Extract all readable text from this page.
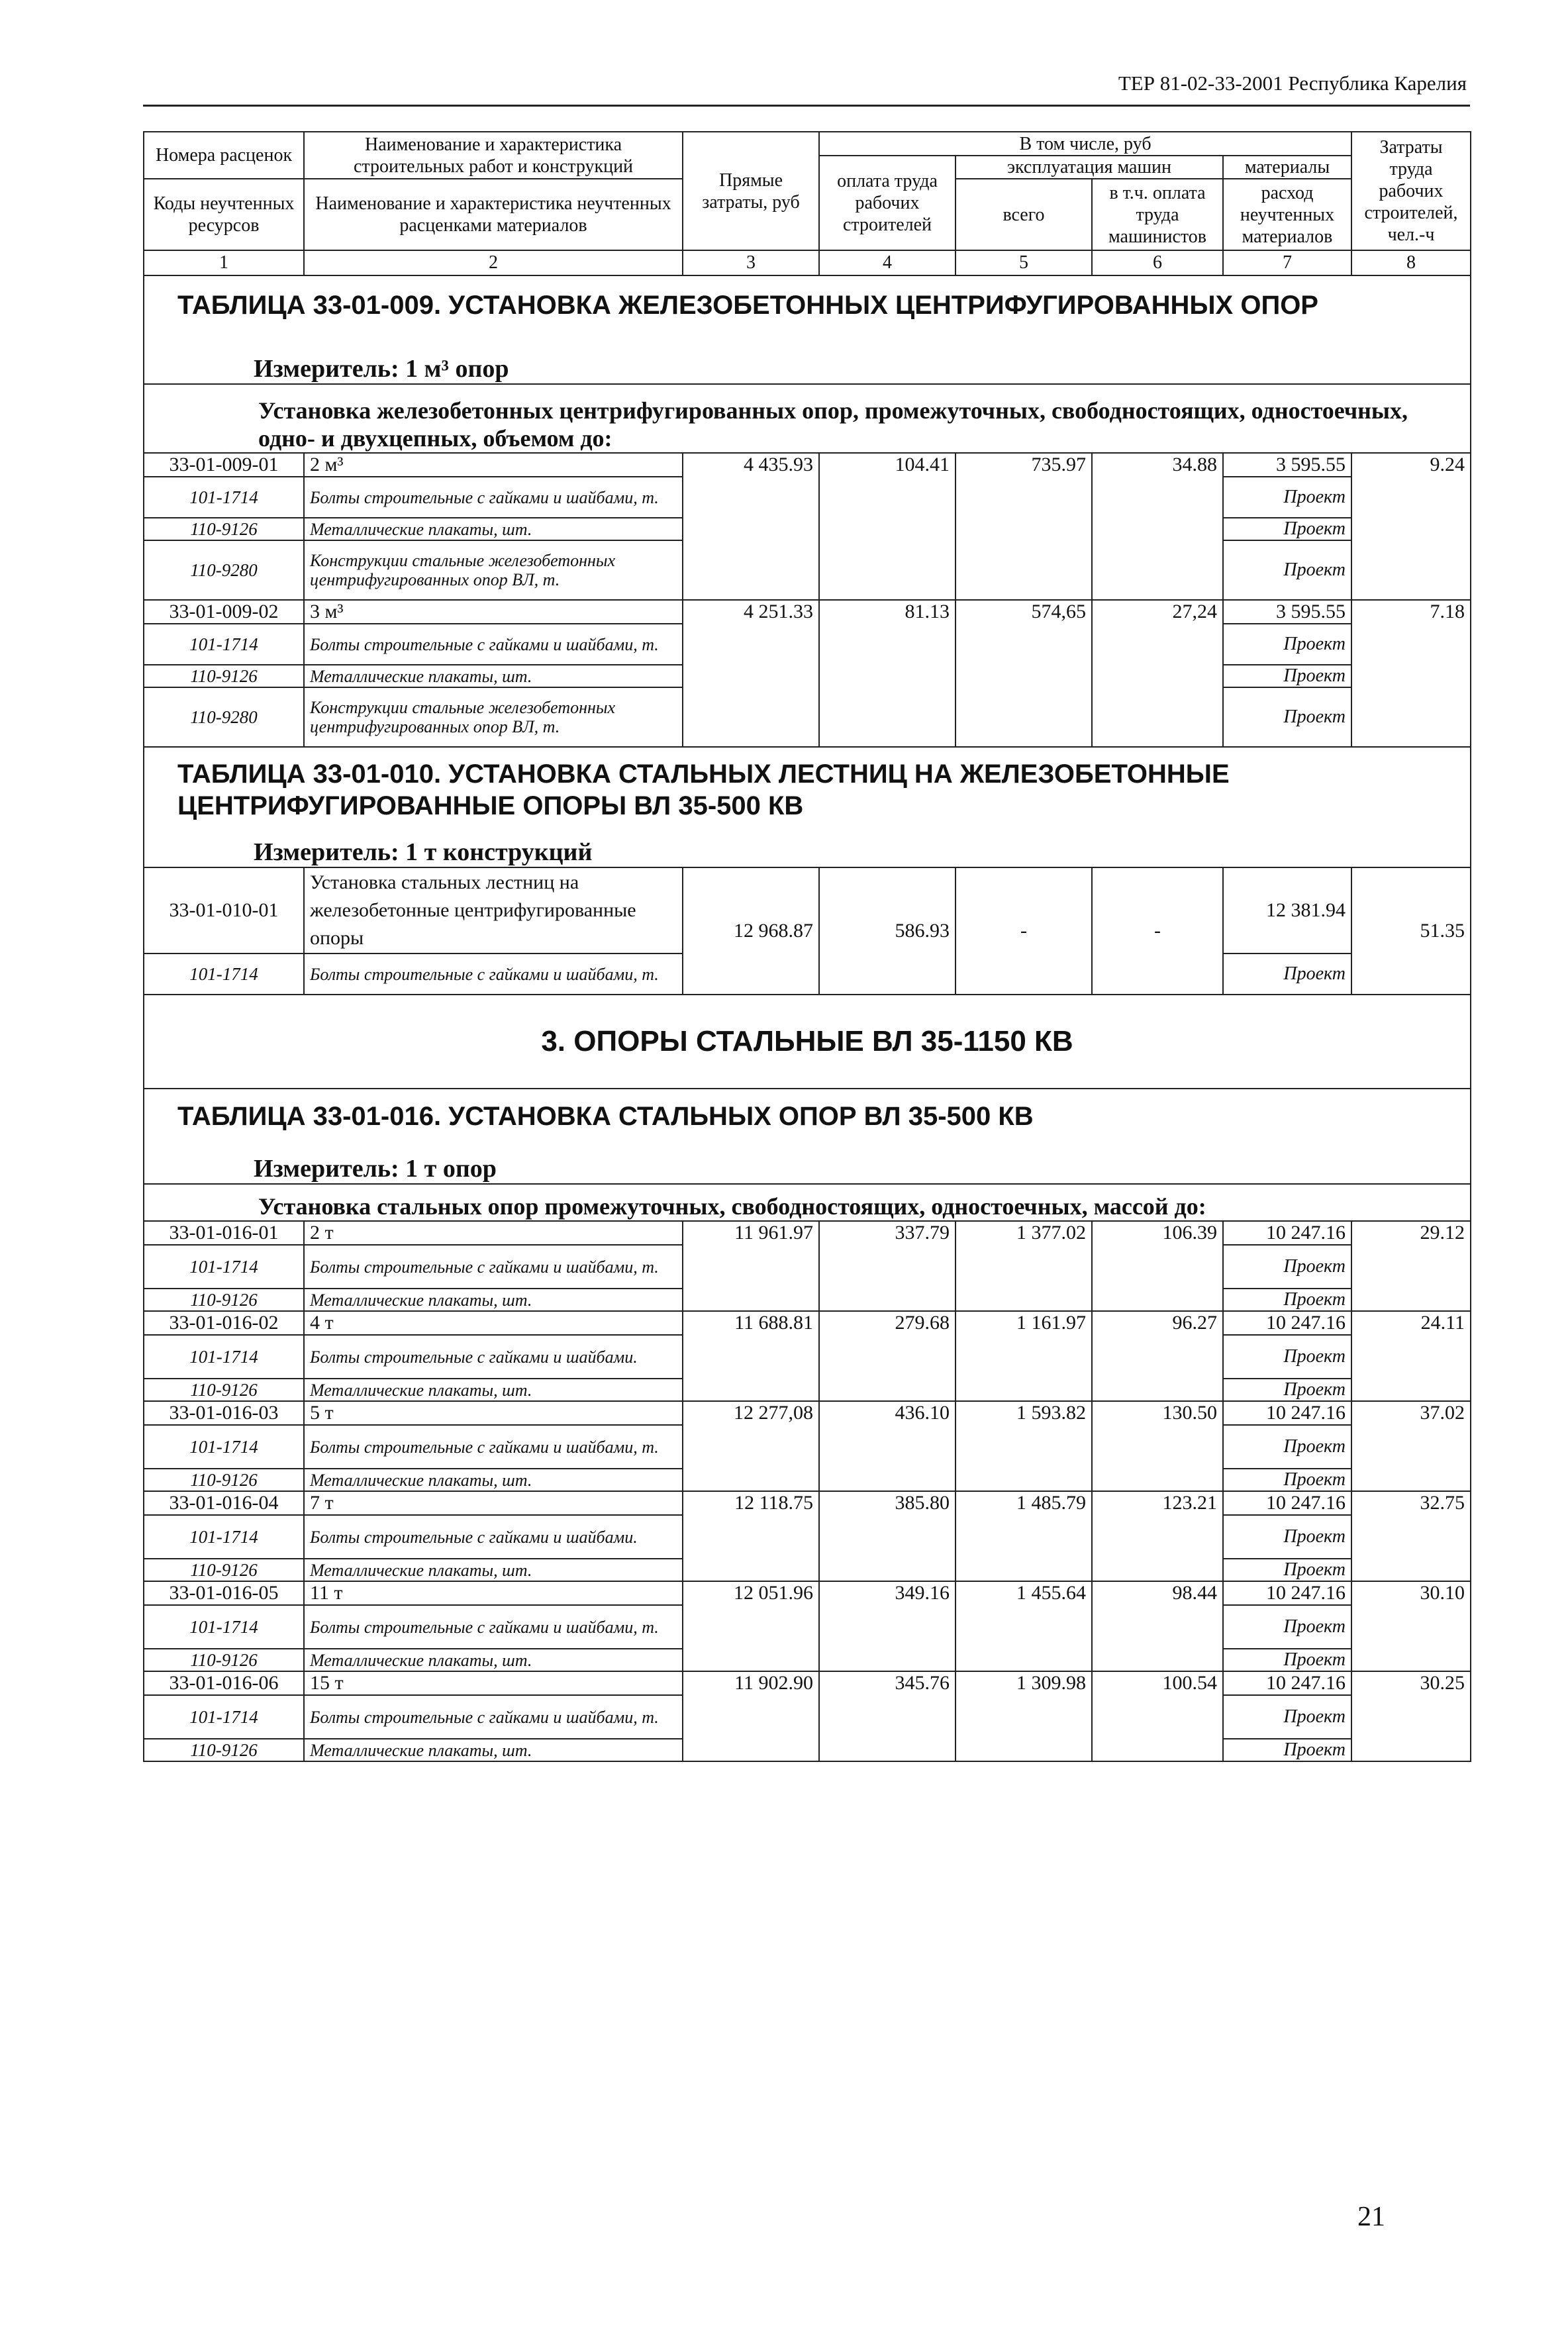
ТЕР 81-02-33-2001 Республика Карелия
Номера расценок	Наименование и характеристика строительных работ и конструкций	Прямые затраты, руб	В том числе, руб				Затраты труда рабочих строителей, чел.-ч
			оплата труда рабочих строителей	эксплуатация машин		материалы	
Коды неучтенных ресурсов	Наименование и характеристика неучтенных расценками материалов			всего	в т.ч. оплата труда машинистов	расход неучтенных материалов	

1	2	3	4	5	6	7	8
ТАБЛИЦА 33-01-009. УСТАНОВКА ЖЕЛЕЗОБЕТОННЫХ ЦЕНТРИФУГИРОВАННЫХ ОПОР							
Измеритель: 1 м³ опор							
Установка железобетонных центрифугированных опор, промежуточных, свободностоящих, одностоечных, одно- и двухцепных, объемом до:							
33-01-009-01	2 м³	4 435.93	104.41	735.97	34.88	3 595.55	9.24
101-1714	Болты строительные с гайками и шайбами, т.					Проект	
110-9126	Металлические плакаты, шт.					Проект	
110-9280	Конструкции стальные железобетонных центрифугированных опор ВЛ, т.					Проект	
33-01-009-02	3 м³	4 251.33	81.13	574,65	27,24	3 595.55	7.18
101-1714	Болты строительные с гайками и шайбами, т.					Проект	
110-9126	Металлические плакаты, шт.					Проект	
110-9280	Конструкции стальные железобетонных центрифугированных опор ВЛ, т.					Проект	

ТАБЛИЦА 33-01-010. УСТАНОВКА СТАЛЬНЫХ ЛЕСТНИЦ НА ЖЕЛЕЗОБЕТОННЫЕ ЦЕНТРИФУГИРОВАННЫЕ ОПОРЫ ВЛ 35-500 КВ							
Измеритель: 1 т конструкций							
33-01-010-01	Установка стальных лестниц на железобетонные центрифугированные опоры	12 968.87	586.93	-	-	12 381.94	51.35
101-1714	Болты строительные с гайками и шайбами, т.					Проект	

3. ОПОРЫ СТАЛЬНЫЕ ВЛ 35-1150 КВ							
ТАБЛИЦА 33-01-016. УСТАНОВКА СТАЛЬНЫХ ОПОР ВЛ 35-500 КВ							
Измеритель: 1 т опор							
Установка стальных опор промежуточных, свободностоящих, одностоечных, массой до:							
33-01-016-01	2 т	11 961.97	337.79	1 377.02	106.39	10 247.16	29.12
101-1714	Болты строительные с гайками и шайбами, т.					Проект	
110-9126	Металлические плакаты, шт.					Проект	
33-01-016-02	4 т	11 688.81	279.68	1 161.97	96.27	10 247.16	24.11
101-1714	Болты строительные с гайками и шайбами.					Проект	
110-9126	Металлические плакаты, шт.					Проект	
33-01-016-03	5 т	12 277,08	436.10	1 593.82	130.50	10 247.16	37.02
101-1714	Болты строительные с гайками и шайбами, т.					Проект	
110-9126	Металлические плакаты, шт.					Проект	
33-01-016-04	7 т	12 118.75	385.80	1 485.79	123.21	10 247.16	32.75
101-1714	Болты строительные с гайками и шайбами.					Проект	
110-9126	Металлические плакаты, шт.					Проект	
33-01-016-05	11 т	12 051.96	349.16	1 455.64	98.44	10 247.16	30.10
101-1714	Болты строительные с гайками и шайбами, т.					Проект	
110-9126	Металлические плакаты, шт.					Проект	
33-01-016-06	15 т	11 902.90	345.76	1 309.98	100.54	10 247.16	30.25
101-1714	Болты строительные с гайками и шайбами, т.					Проект	
110-9126	Металлические плакаты, шт.					Проект	

21
